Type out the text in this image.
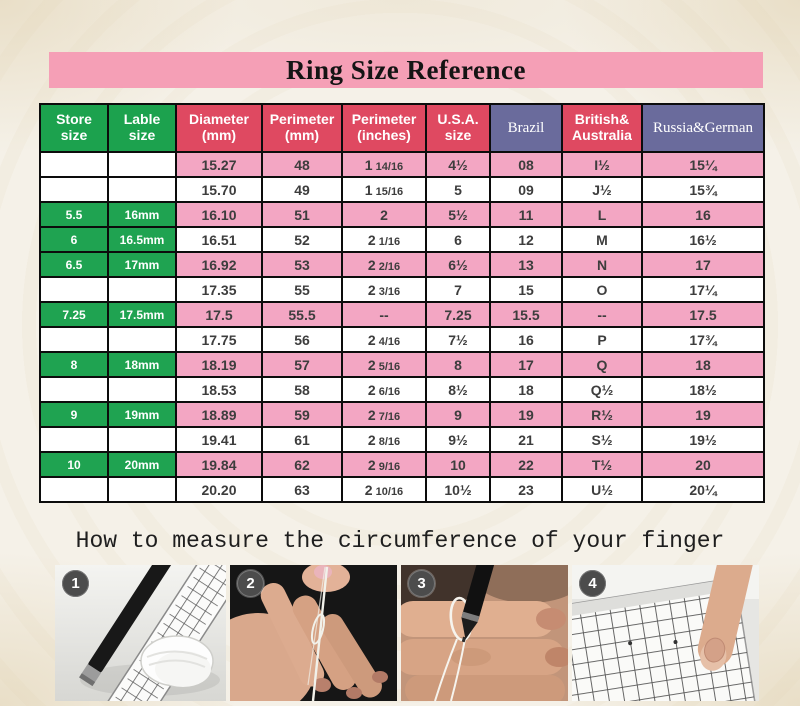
Ring Size Reference
Store size	Lable size	Diameter (mm)	Perimeter (mm)	Perimeter (inches)	U.S.A. size	Brazil	British& Australia	Russia&German
		15.27	48	1 14/16	4½	08	I½	15¼
		15.70	49	1 15/16	5	09	J½	15¾
5.5	16mm	16.10	51	2	5½	11	L	16
6	16.5mm	16.51	52	2 1/16	6	12	M	16½
6.5	17mm	16.92	53	2 2/16	6½	13	N	17
		17.35	55	2 3/16	7	15	O	17¼
7.25	17.5mm	17.5	55.5	--	7.25	15.5	--	17.5
		17.75	56	2 4/16	7½	16	P	17¾
8	18mm	18.19	57	2 5/16	8	17	Q	18
		18.53	58	2 6/16	8½	18	Q½	18½
9	19mm	18.89	59	2 7/16	9	19	R½	19
		19.41	61	2 8/16	9½	21	S½	19½
10	20mm	19.84	62	2 9/16	10	22	T½	20
		20.20	63	2 10/16	10½	23	U½	20¼
How to measure the circumference of your finger
1	2	3	4
